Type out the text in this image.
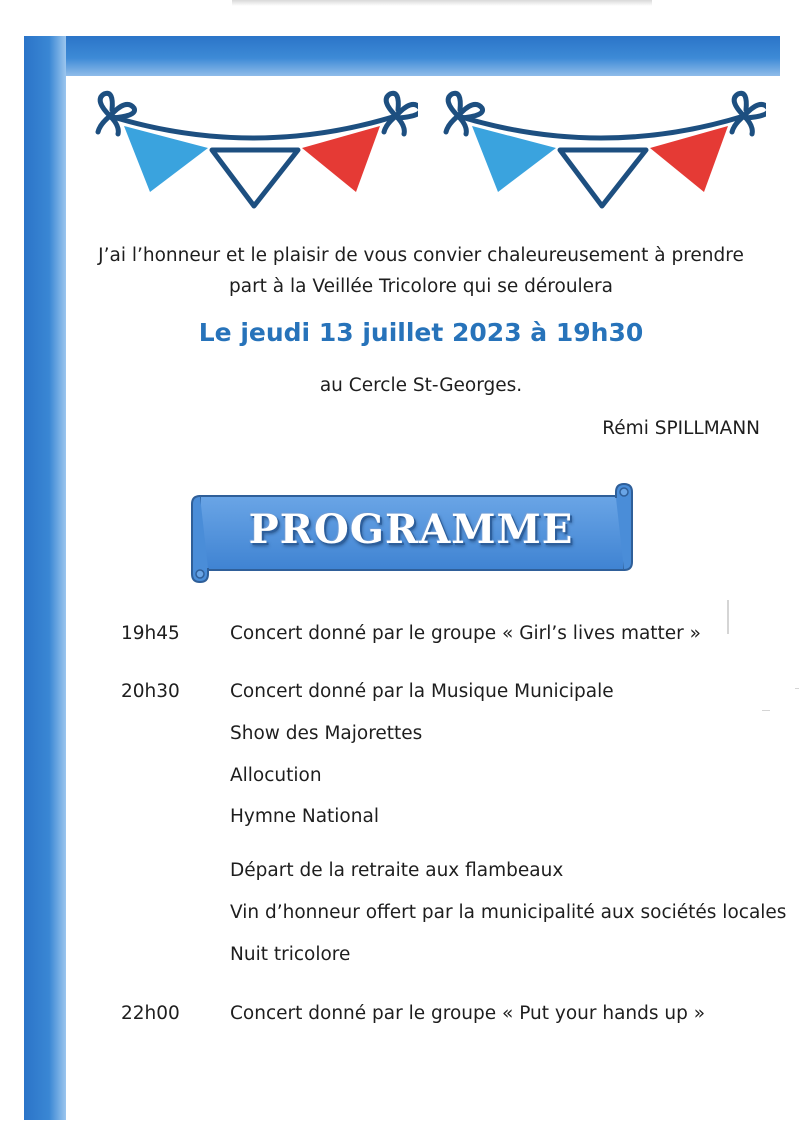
J’ai l’honneur et le plaisir de vous convier chaleureusement à prendre
part à la Veillée Tricolore qui se déroulera
Le jeudi 13 juillet 2023 à 19h30
au Cercle St-Georges.
Rémi SPILLMANN
PROGRAMME
19h45	Concert donné par le groupe « Girl’s lives matter »
20h30	Concert donné par la Musique Municipale
Show des Majorettes
Allocution
Hymne National
Départ de la retraite aux flambeaux
Vin d’honneur offert par la municipalité aux sociétés locales
Nuit tricolore
22h00	Concert donné par le groupe « Put your hands up »
